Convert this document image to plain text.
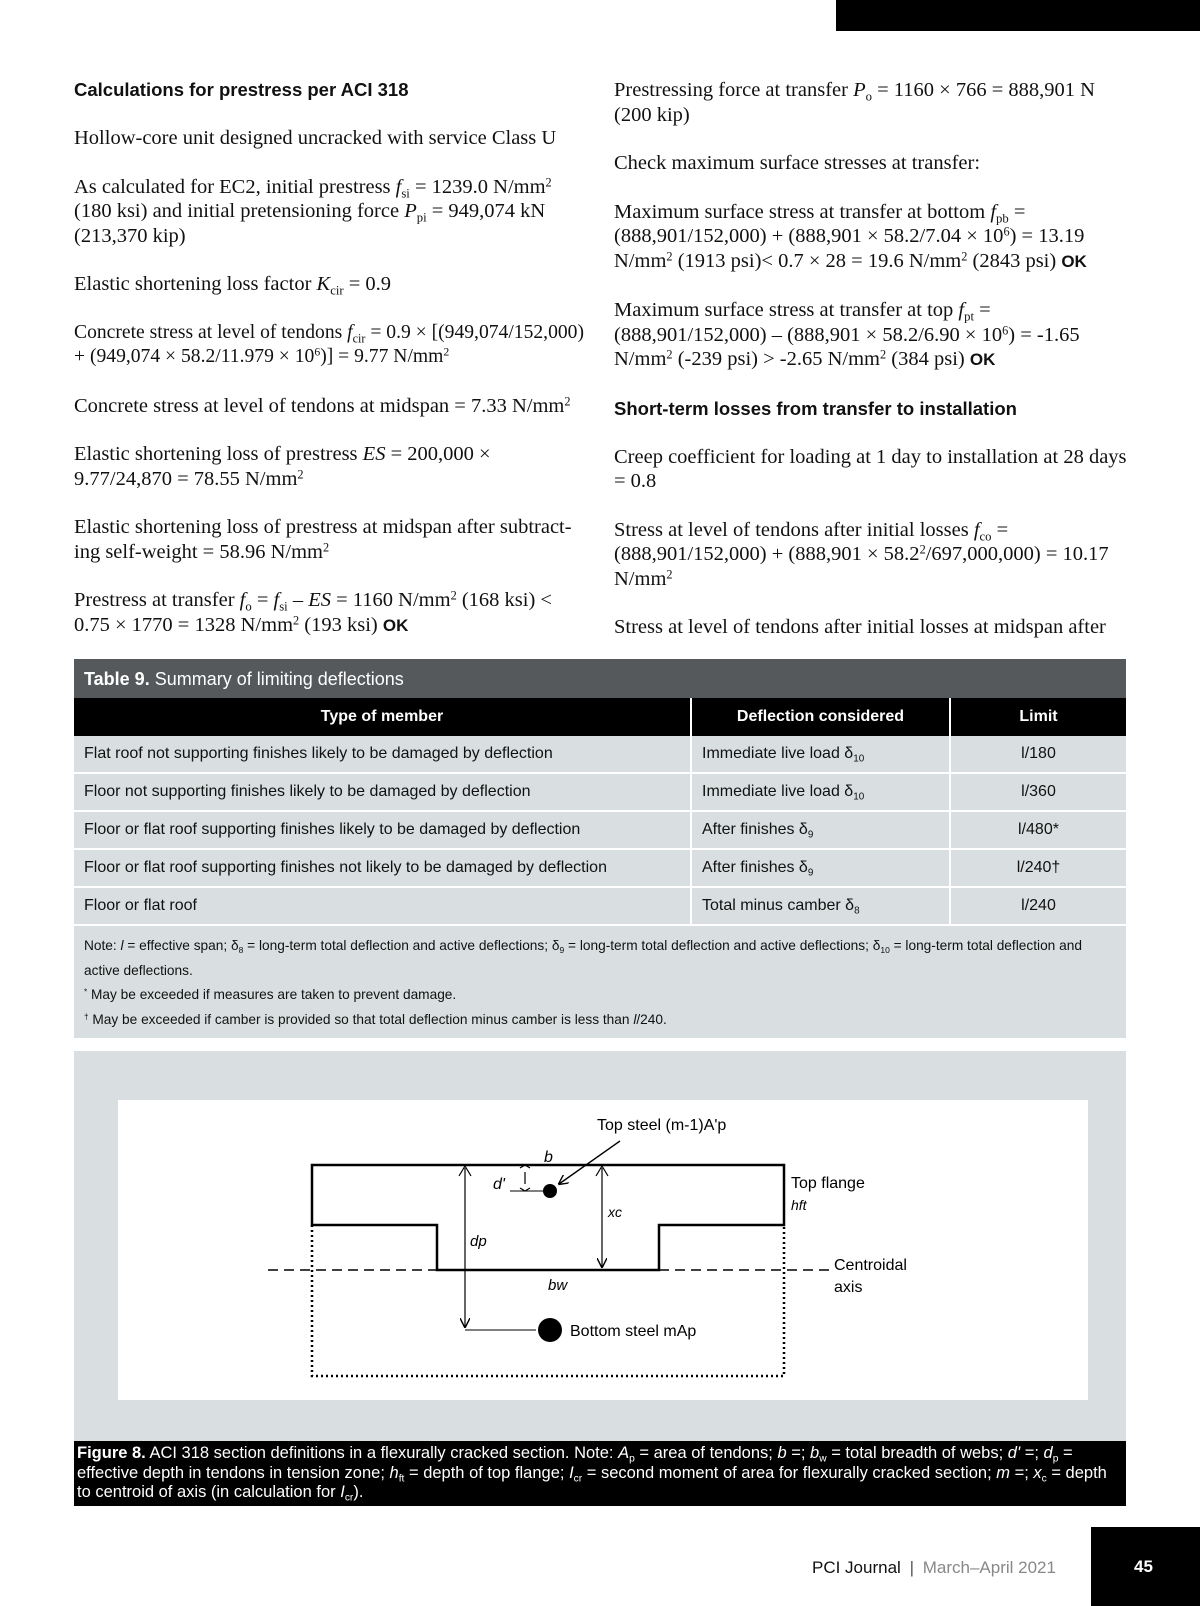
Calculations for prestress per ACI 318

Hollow-core unit designed uncracked with service Class U

As calculated for EC2, initial prestress $f_{si} = 1239.0$ $N/mm^2$ (180 ksi) and initial pretensioning force $P_{pi} = 949,074$ kN (213,370 kip)

Elastic shortening loss factor $K_{cir} = 0.9$

Concrete stress at level of tendons $f_{cir} = 0.9 \times [(949,074/152,000) + (949,074 \times 58.2/11.979 \times 10^6)] = 9.77$ $N/mm^2$

Concrete stress at level of tendons at midspan = 7.33 $N/mm^2$

Elastic shortening loss of prestress ES = 200,000 × 9.77/24,870 = 78.55 $N/mm^2$

Elastic shortening loss of prestress at midspan after subtract-ing self-weight = 58.96 $N/mm^2$

Prestress at transfer $f_o = f_{si}$ – ES = 1160 $N/mm^2$ (168 ksi) < 0.75 × 1770 = 1328 $N/mm^2$ (193 ksi) OK

Prestressing force at transfer $P_o = 1160 \times 766 = 888,901$ N (200 kip)

Check maximum surface stresses at transfer:

Maximum surface stress at transfer at bottom $f_{pb} = (888,901/152,000) + (888,901 \times 58.2/7.04 \times 10^6) = 13.19$ $N/mm^2$ (1913 psi)< 0.7 × 28 = 19.6 $N/mm^2$ (2843 psi) OK

Maximum surface stress at transfer at top $f_{pt} = (888,901/152,000) - (888,901 \times 58.2/6.90 \times 10^6) = -1.65$ $N/mm^2$ (-239 psi) > -2.65 $N/mm^2$ (384 psi) OK

Short-term losses from transfer to installation

Creep coefficient for loading at 1 day to installation at 28 days = 0.8

Stress at level of tendons after initial losses $f_{co} = (888,901/152,000) + (888,901 \times 58.2^2/697,000,000) = 10.17$ $N/mm^2$

Stress at level of tendons after initial losses at midspan after

Table 9. Summary of limiting deflections
Type of member	Deflection considered	Limit
Flat roof not supporting finishes likely to be damaged by deflection	Immediate live load $\delta_{10}$	l/180
Floor not supporting finishes likely to be damaged by deflection	Immediate live load $\delta_{10}$	l/360
Floor or flat roof supporting finishes likely to be damaged by deflection	After finishes $\delta_9$	l/480*
Floor or flat roof supporting finishes not likely to be damaged by deflection	After finishes $\delta_9$	l/240†
Floor or flat roof	Total minus camber $\delta_8$	l/240
Note: l = effective span; $\delta_8$ = long-term total deflection and active deflections; $\delta_9$ = long-term total deflection and active deflections; $\delta_{10}$ = long-term total deflection and active deflections.
* May be exceeded if measures are taken to prevent damage.
† May be exceeded if camber is provided so that total deflection minus camber is less than l/240.
Top steel (m-1)A'p
b
d'
xc
dp
Top flange
hft
Centroidal
axis
bw
Bottom steel mAp
Figure 8. ACI 318 section definitions in a flexurally cracked section. Note: $A_p$ = area of tendons; b =; $b_w$ = total breadth of webs; d' =; $d_p$ = effective depth in tendons in tension zone; $h_{ft}$ = depth of top flange; $I_{cr}$ = second moment of area for flexurally cracked section; m =; $x_c$ = depth to centroid of axis (in calculation for $I_{cr}$).
PCI Journal | March–April 2021	45
